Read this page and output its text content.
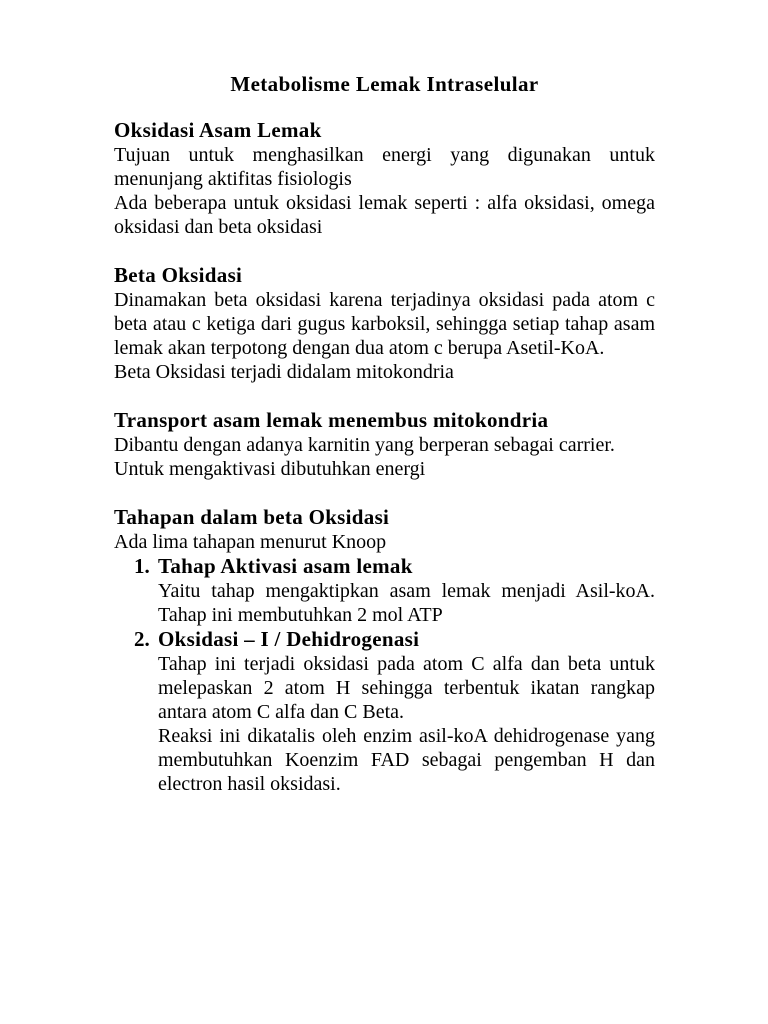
Metabolisme Lemak Intraselular
Oksidasi Asam Lemak

Tujuan untuk menghasilkan energi yang digunakan untuk menunjang aktifitas fisiologis

Ada beberapa untuk oksidasi lemak seperti : alfa oksidasi, omega oksidasi dan beta oksidasi

Beta Oksidasi

Dinamakan beta oksidasi karena terjadinya oksidasi pada atom c beta atau c ketiga dari gugus karboksil, sehingga setiap tahap asam lemak akan terpotong dengan dua atom c berupa Asetil-KoA.

Beta Oksidasi terjadi didalam mitokondria

Transport asam lemak menembus mitokondria

Dibantu dengan adanya karnitin yang berperan sebagai carrier.

Untuk mengaktivasi dibutuhkan energi

Tahapan dalam beta Oksidasi

Ada lima tahapan menurut Knoop

1. Tahap Aktivasi asam lemak

Yaitu tahap mengaktipkan asam lemak menjadi Asil-koA. Tahap ini membutuhkan 2 mol ATP

2. Oksidasi – I / Dehidrogenasi

Tahap ini terjadi oksidasi pada atom C alfa dan beta untuk melepaskan 2 atom H sehingga terbentuk ikatan rangkap antara atom C alfa dan C Beta.

Reaksi ini dikatalis oleh enzim asil-koA dehidrogenase yang membutuhkan Koenzim FAD sebagai pengemban H dan electron hasil oksidasi.
